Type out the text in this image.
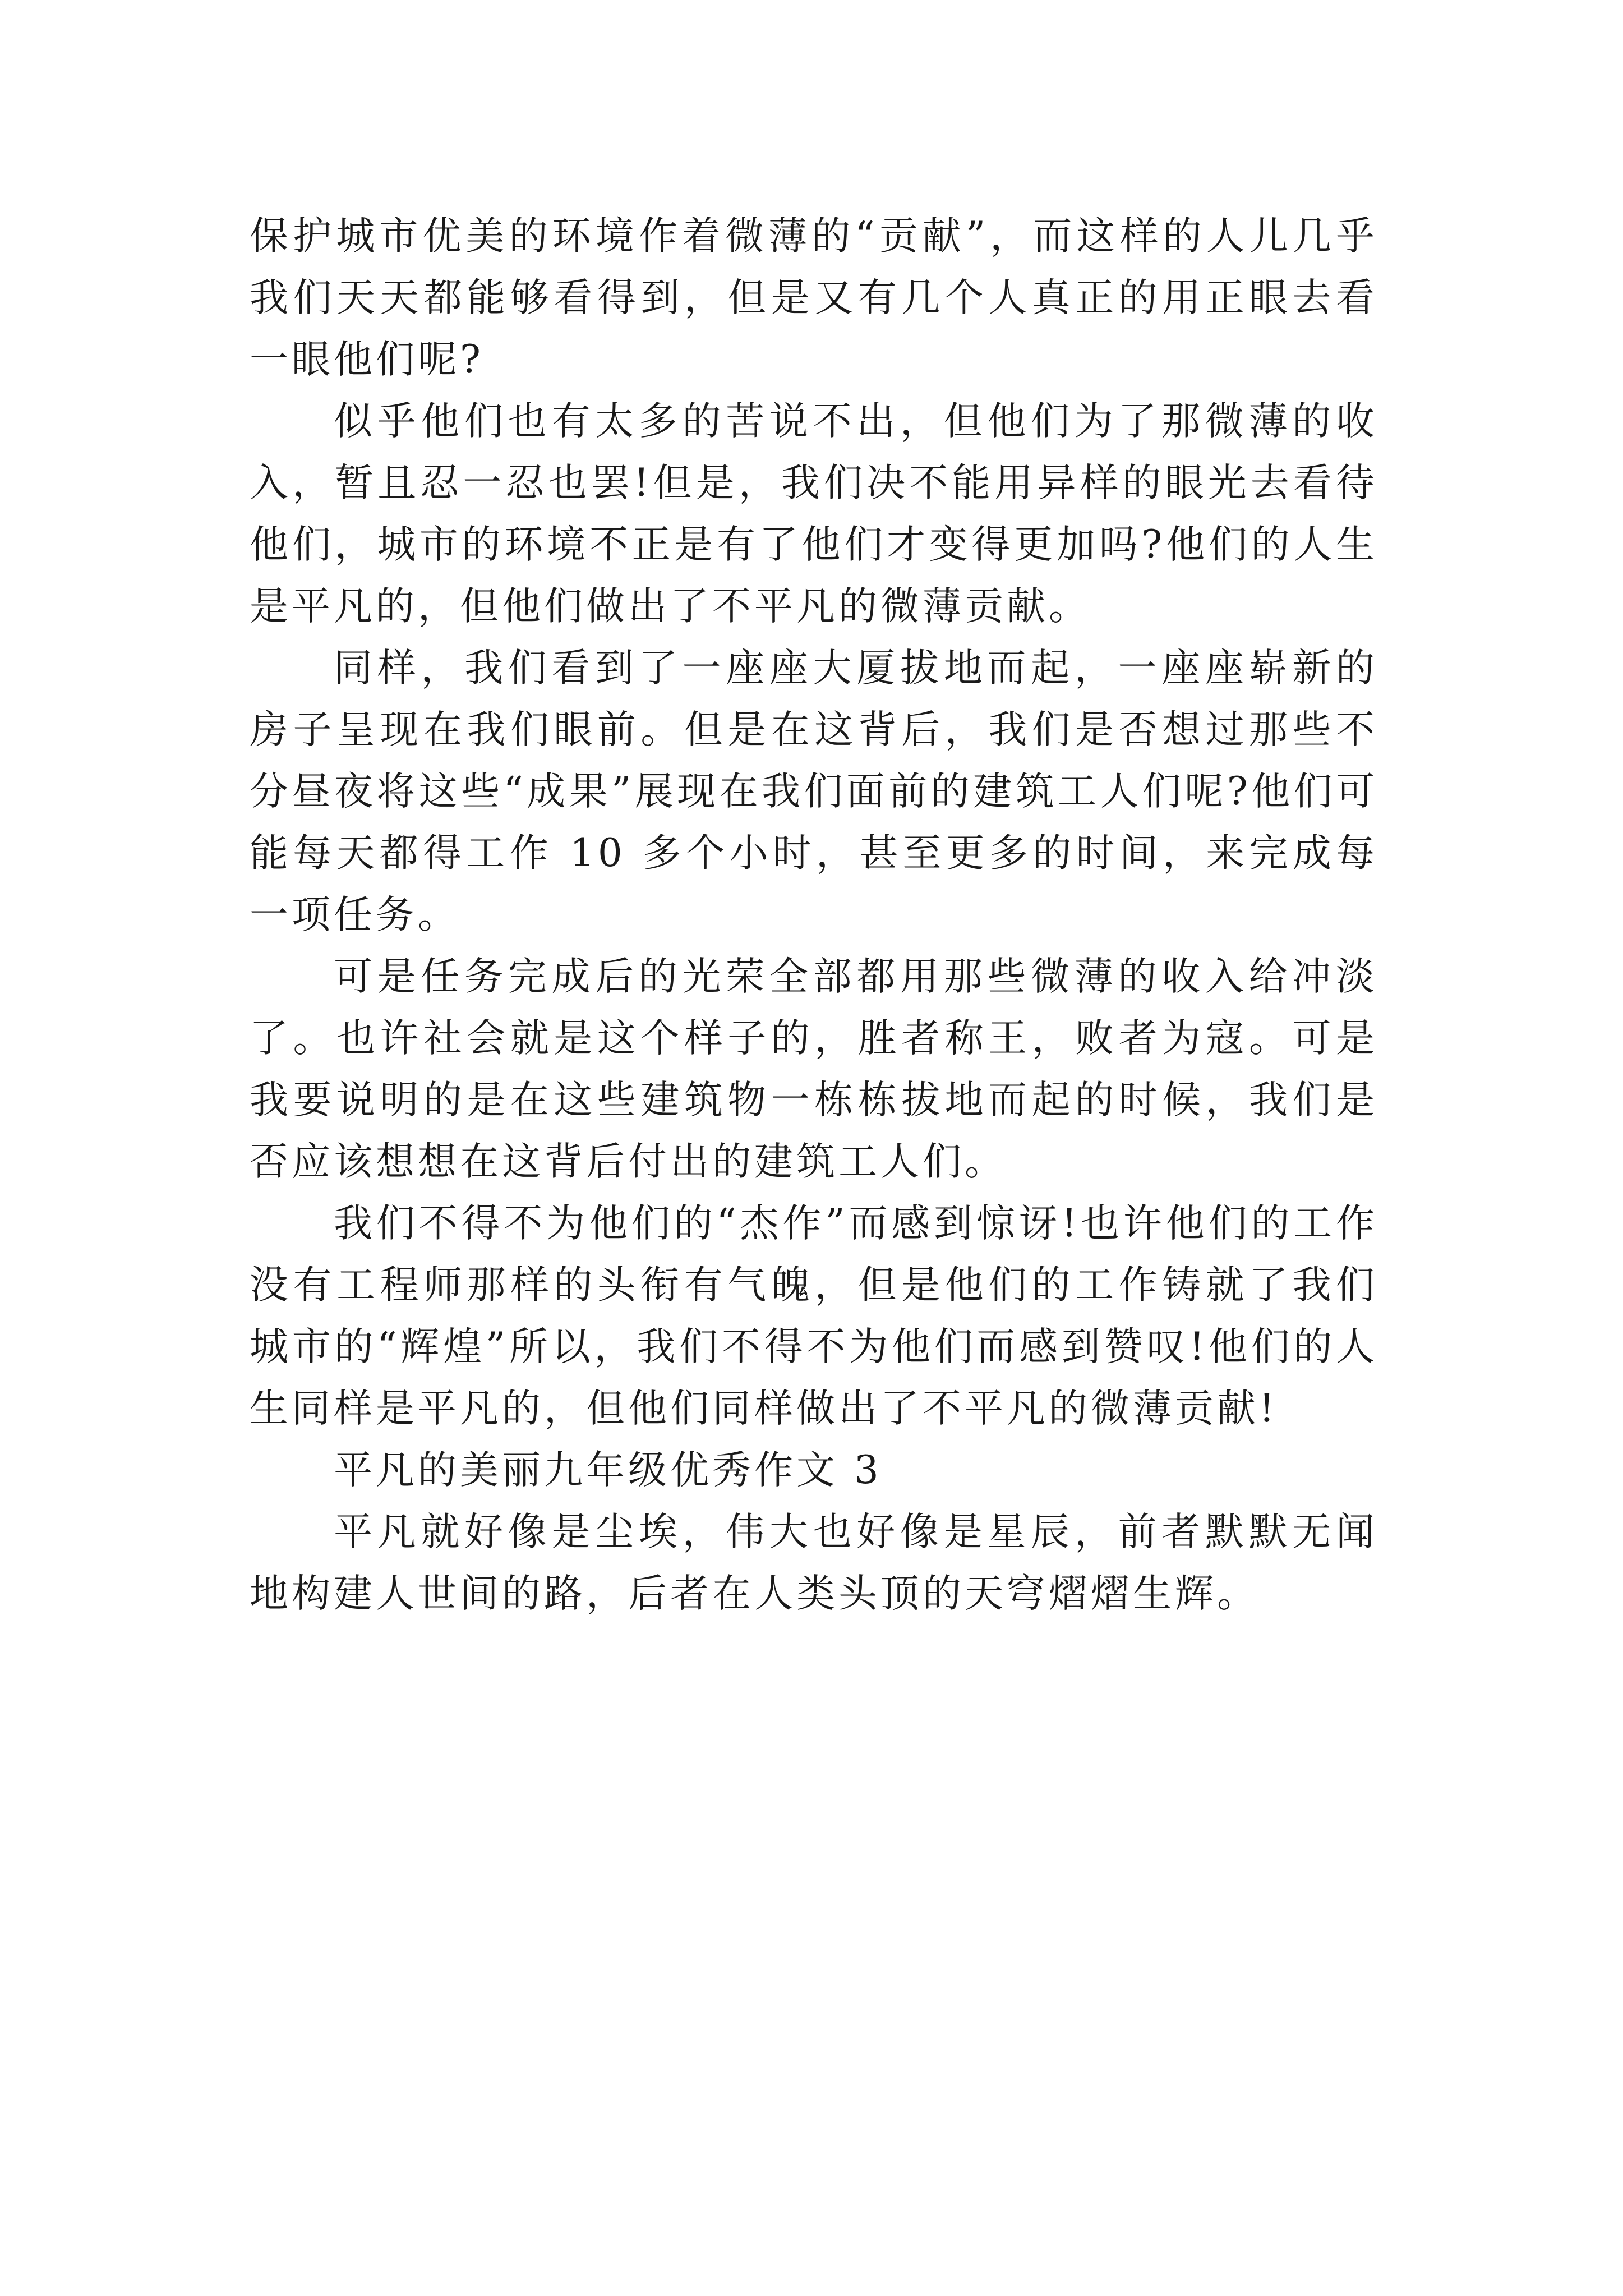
保护城市优美的环境作着微薄的“贡献”，而这样的人儿几乎我们天天都能够看得到，但是又有几个人真正的用正眼去看一眼他们呢?

似乎他们也有太多的苦说不出，但他们为了那微薄的收入，暂且忍一忍也罢!但是，我们决不能用异样的眼光去看待他们，城市的环境不正是有了他们才变得更加吗?他们的人生是平凡的，但他们做出了不平凡的微薄贡献。

同样，我们看到了一座座大厦拔地而起，一座座崭新的房子呈现在我们眼前。但是在这背后，我们是否想过那些不分昼夜将这些“成果”展现在我们面前的建筑工人们呢?他们可能每天都得工作 10 多个小时，甚至更多的时间，来完成每一项任务。

可是任务完成后的光荣全部都用那些微薄的收入给冲淡了。也许社会就是这个样子的，胜者称王，败者为寇。可是我要说明的是在这些建筑物一栋栋拔地而起的时候，我们是否应该想想在这背后付出的建筑工人们。

我们不得不为他们的“杰作”而感到惊讶!也许他们的工作没有工程师那样的头衔有气魄，但是他们的工作铸就了我们城市的“辉煌”所以，我们不得不为他们而感到赞叹!他们的人生同样是平凡的，但他们同样做出了不平凡的微薄贡献!

平凡的美丽九年级优秀作文 3

平凡就好像是尘埃，伟大也好像是星辰，前者默默无闻地构建人世间的路，后者在人类头顶的天穹熠熠生辉。
